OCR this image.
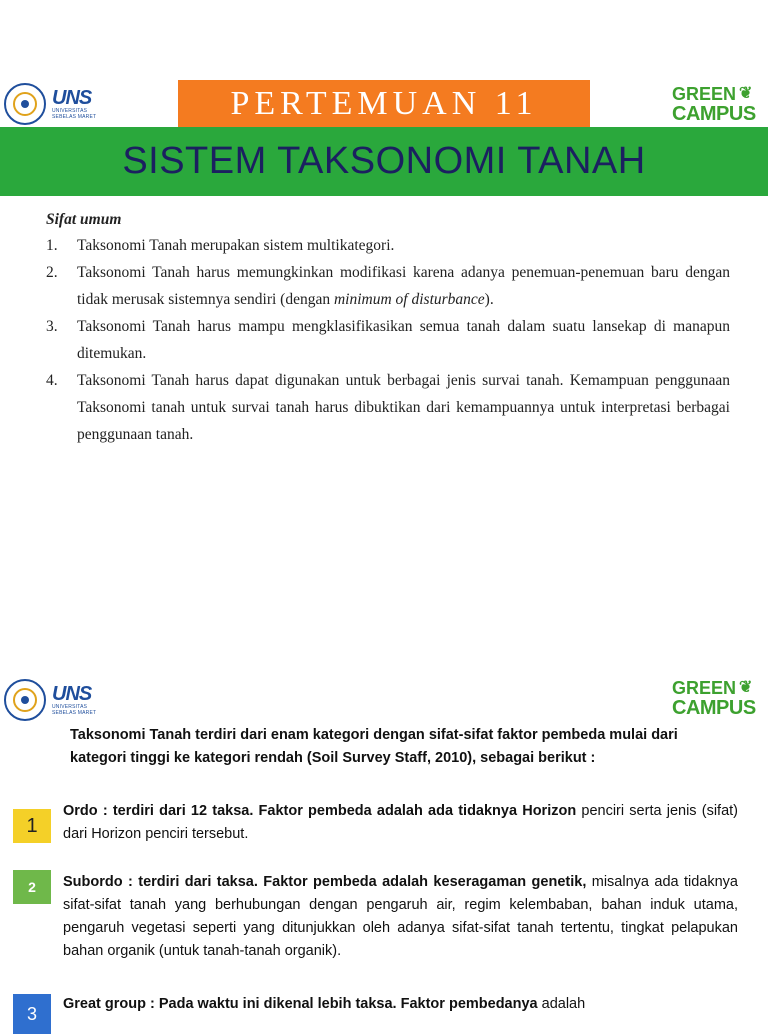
UNS
UNIVERSITAS
SEBELAS MARET	PERTEMUAN 11	GREEN ❦
CAMPUS
SISTEM TAKSONOMI TANAH
Sifat umum
1.	Taksonomi Tanah merupakan sistem multikategori.
2.	Taksonomi Tanah harus memungkinkan modifikasi karena adanya penemuan-penemuan baru dengan tidak merusak sistemnya sendiri (dengan minimum of disturbance).
3.	Taksonomi Tanah harus mampu mengklasifikasikan semua tanah dalam suatu lansekap di manapun ditemukan.
4.	Taksonomi Tanah harus dapat digunakan untuk berbagai jenis survai tanah. Kemampuan penggunaan Taksonomi tanah untuk survai tanah harus dibuktikan dari kemampuannya untuk interpretasi berbagai penggunaan tanah.
UNS
UNIVERSITAS
SEBELAS MARET
GREEN ❦
CAMPUS
Taksonomi Tanah terdiri dari enam kategori dengan sifat-sifat faktor pembeda mulai dari kategori tinggi ke kategori rendah (Soil Survey Staff, 2010), sebagai berikut :
1
Ordo : terdiri dari 12 taksa. Faktor pembeda adalah ada tidaknya Horizon penciri serta jenis (sifat) dari Horizon penciri tersebut.
2	Subordo : terdiri dari taksa. Faktor pembeda adalah keseragaman genetik, misalnya ada tidaknya sifat-sifat tanah yang berhubungan dengan pengaruh air, regim kelembaban, bahan induk utama, pengaruh vegetasi seperti yang ditunjukkan oleh adanya sifat-sifat tanah tertentu, tingkat pelapukan bahan organik (untuk tanah-tanah organik).
3	Great group : Pada waktu ini dikenal lebih taksa. Faktor pembedanya adalah
